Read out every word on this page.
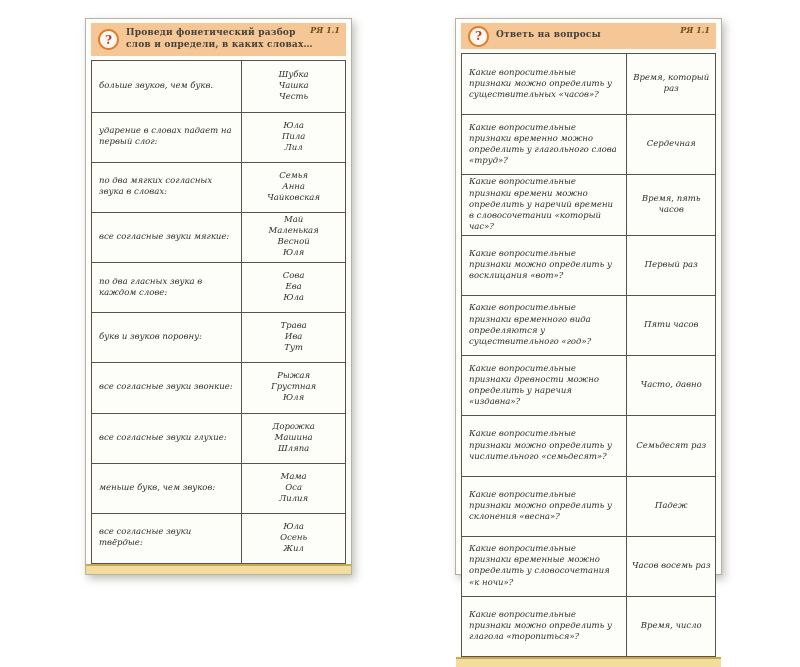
?	Проведи фонетический разбор
слов и определи, в каких словах…
РЯ 1.1
больше звуков, чем букв.
Шубка
Чашка
Честь
ударение в словах падает на первый слог:
Юла
Пила
Лил
по два мягких согласных звука в словах:
Семья
Анна
Чайковская
все согласные звуки мягкие:
Май
Маленькая
Весной
Юля
по два гласных звука в каждом слове:
Сова
Ева
Юла
букв и звуков поровну:
Трава
Ива
Тут
все согласные звуки звонкие:
Рыжая
Грустная
Юля
все согласные звуки глухие:
Дорожка
Машина
Шляпа
меньше букв, чем звуков:
Мама
Оса
Лилия
все согласные звуки твёрдые:
Юла
Осень
Жил
?	Ответь на вопросы
РЯ 1.1
Какие вопросительные признаки можно определить у существительных «часов»?
Время, который раз
Какие вопросительные признаки временно можно определить у глагольного слова «труд»?
Сердечная
Какие вопросительные признаки времени можно определить у наречий времени в словосочетании «который час»?
Время, пять часов
Какие вопросительные признаки можно определить у восклицания «вот»?
Первый раз
Какие вопросительные признаки временного вида определяются у существительного «год»?
Пяти часов
Какие вопросительные признаки древности можно определить у наречия «издавна»?
Часто, давно
Какие вопросительные признаки можно определить у числительного «семьдесят»?
Семьдесят раз
Какие вопросительные признаки можно определить у склонения «весна»?
Падеж
Какие вопросительные признаки временные можно определить у словосочетания «к ночи»?
Часов восемь раз
Какие вопросительные признаки можно определить у глагола «торопиться»?
Время, число
